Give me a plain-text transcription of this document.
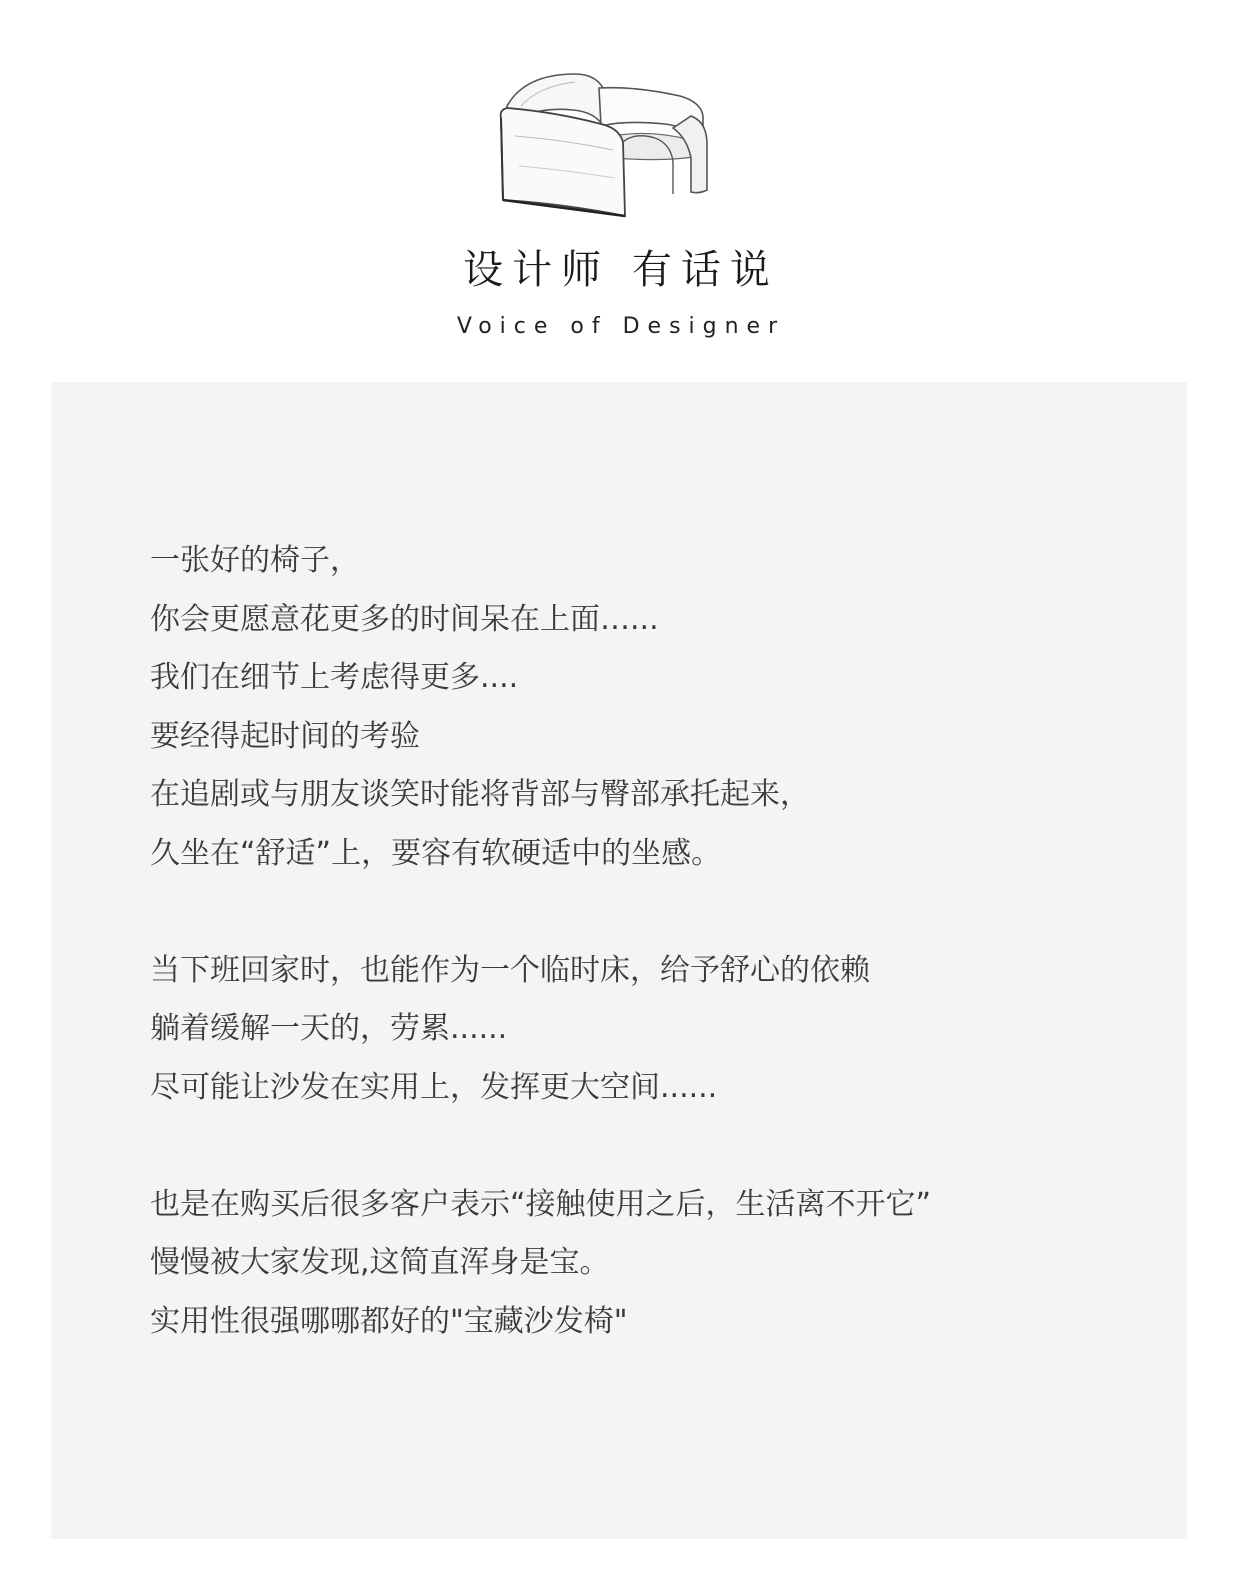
设计师 有话说
Voice of Designer
一张好的椅子，
你会更愿意花更多的时间呆在上面…...
我们在细节上考虑得更多....
要经得起时间的考验
在追剧或与朋友谈笑时能将背部与臀部承托起来，
久坐在“舒适”上，要容有软硬适中的坐感。
当下班回家时，也能作为一个临时床，给予舒心的依赖
躺着缓解一天的，劳累......
尽可能让沙发在实用上，发挥更大空间......
也是在购买后很多客户表示“接触使用之后，生活离不开它”
慢慢被大家发现,这简直浑身是宝。
实用性很强哪哪都好的"宝藏沙发椅"
